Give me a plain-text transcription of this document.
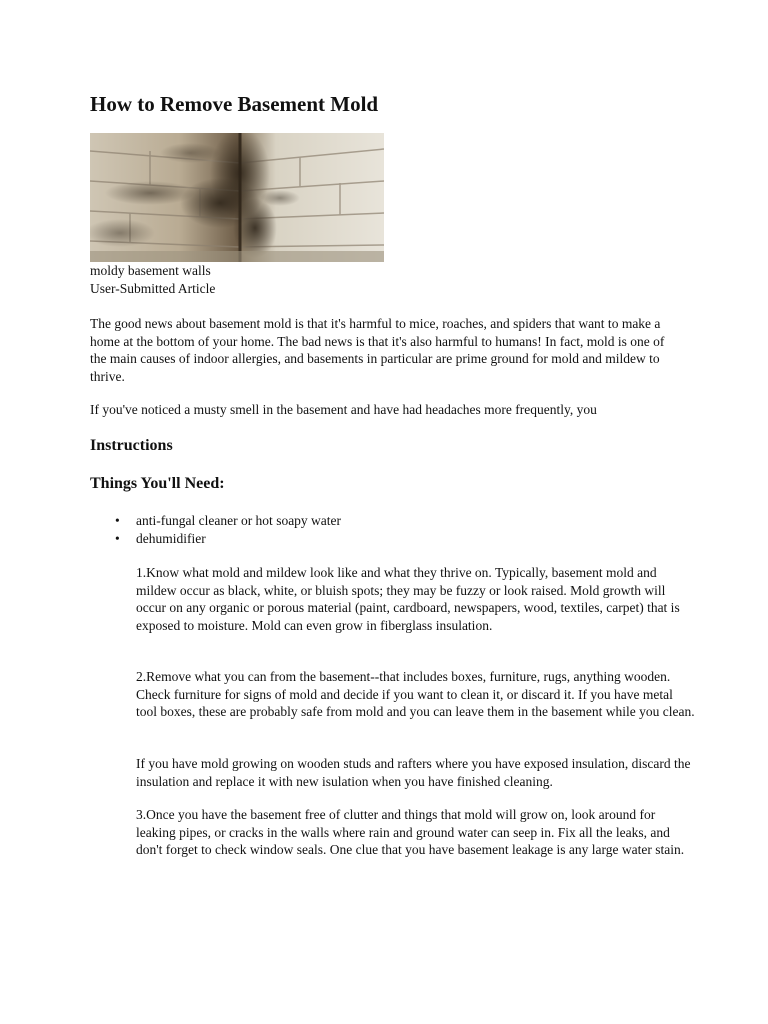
How to Remove Basement Mold
moldy basement walls
User-Submitted Article

The good news about basement mold is that it's harmful to mice, roaches, and spiders that want to make a home at the bottom of your home. The bad news is that it's also harmful to humans! In fact, mold is one of the main causes of indoor allergies, and basements in particular are prime ground for mold and mildew to thrive.

If you've noticed a musty smell in the basement and have had headaches more frequently, you

Instructions
Things You'll Need:
• anti-fungal cleaner or hot soapy water
• dehumidifier

1.Know what mold and mildew look like and what they thrive on. Typically, basement mold and mildew occur as black, white, or bluish spots; they may be fuzzy or look raised. Mold growth will occur on any organic or porous material (paint, cardboard, newspapers, wood, textiles, carpet) that is exposed to moisture. Mold can even grow in fiberglass insulation.

2.Remove what you can from the basement--that includes boxes, furniture, rugs, anything wooden. Check furniture for signs of mold and decide if you want to clean it, or discard it. If you have metal tool boxes, these are probably safe from mold and you can leave them in the basement while you clean.

If you have mold growing on wooden studs and rafters where you have exposed insulation, discard the insulation and replace it with new isulation when you have finished cleaning.

3.Once you have the basement free of clutter and things that mold will grow on, look around for leaking pipes, or cracks in the walls where rain and ground water can seep in. Fix all the leaks, and don't forget to check window seals. One clue that you have basement leakage is any large water stain.
